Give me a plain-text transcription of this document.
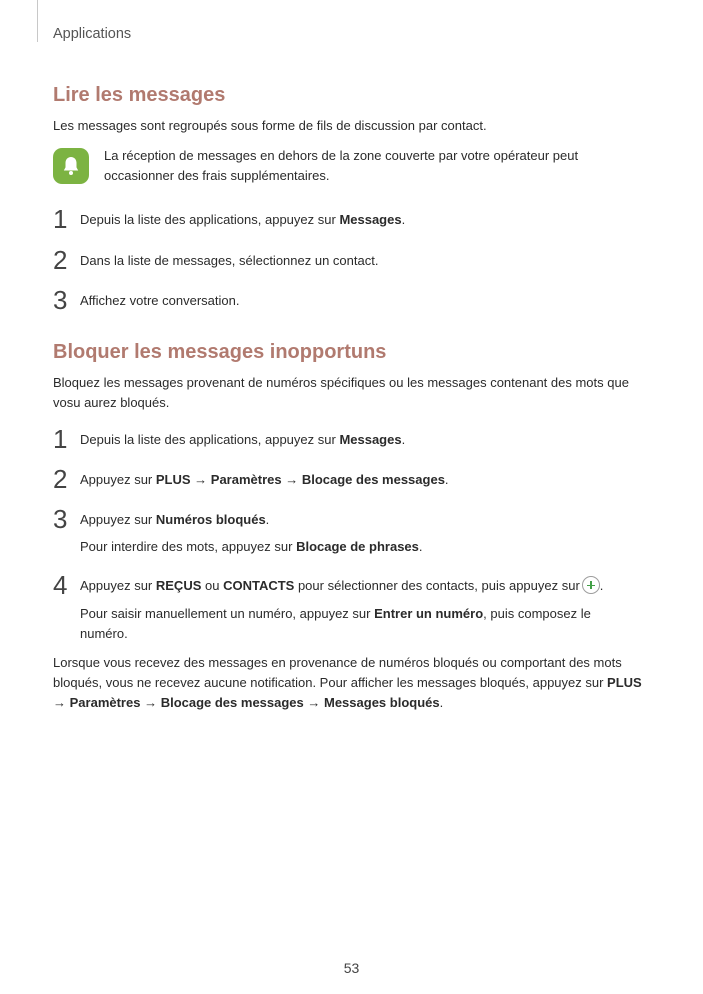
Applications
Lire les messages

Les messages sont regroupés sous forme de fils de discussion par contact.

La réception de messages en dehors de la zone couverte par votre opérateur peut
occasionner des frais supplémentaires.
1 Depuis la liste des applications, appuyez sur Messages.
2 Dans la liste de messages, sélectionnez un contact.
3 Affichez votre conversation.
Bloquer les messages inopportuns

Bloquez les messages provenant de numéros spécifiques ou les messages contenant des mots que
vosu aurez bloqués.

1 Depuis la liste des applications, appuyez sur Messages.
2 Appuyez sur PLUS → Paramètres → Blocage des messages.
3 Appuyez sur Numéros bloqués.
Pour interdire des mots, appuyez sur Blocage de phrases.
4 Appuyez sur REÇUS ou CONTACTS pour sélectionner des contacts, puis appuyez sur .
Pour saisir manuellement un numéro, appuyez sur Entrer un numéro, puis composez le
numéro.

Lorsque vous recevez des messages en provenance de numéros bloqués ou comportant des mots
bloqués, vous ne recevez aucune notification. Pour afficher les messages bloqués, appuyez sur PLUS
→ Paramètres → Blocage des messages → Messages bloqués.

53
